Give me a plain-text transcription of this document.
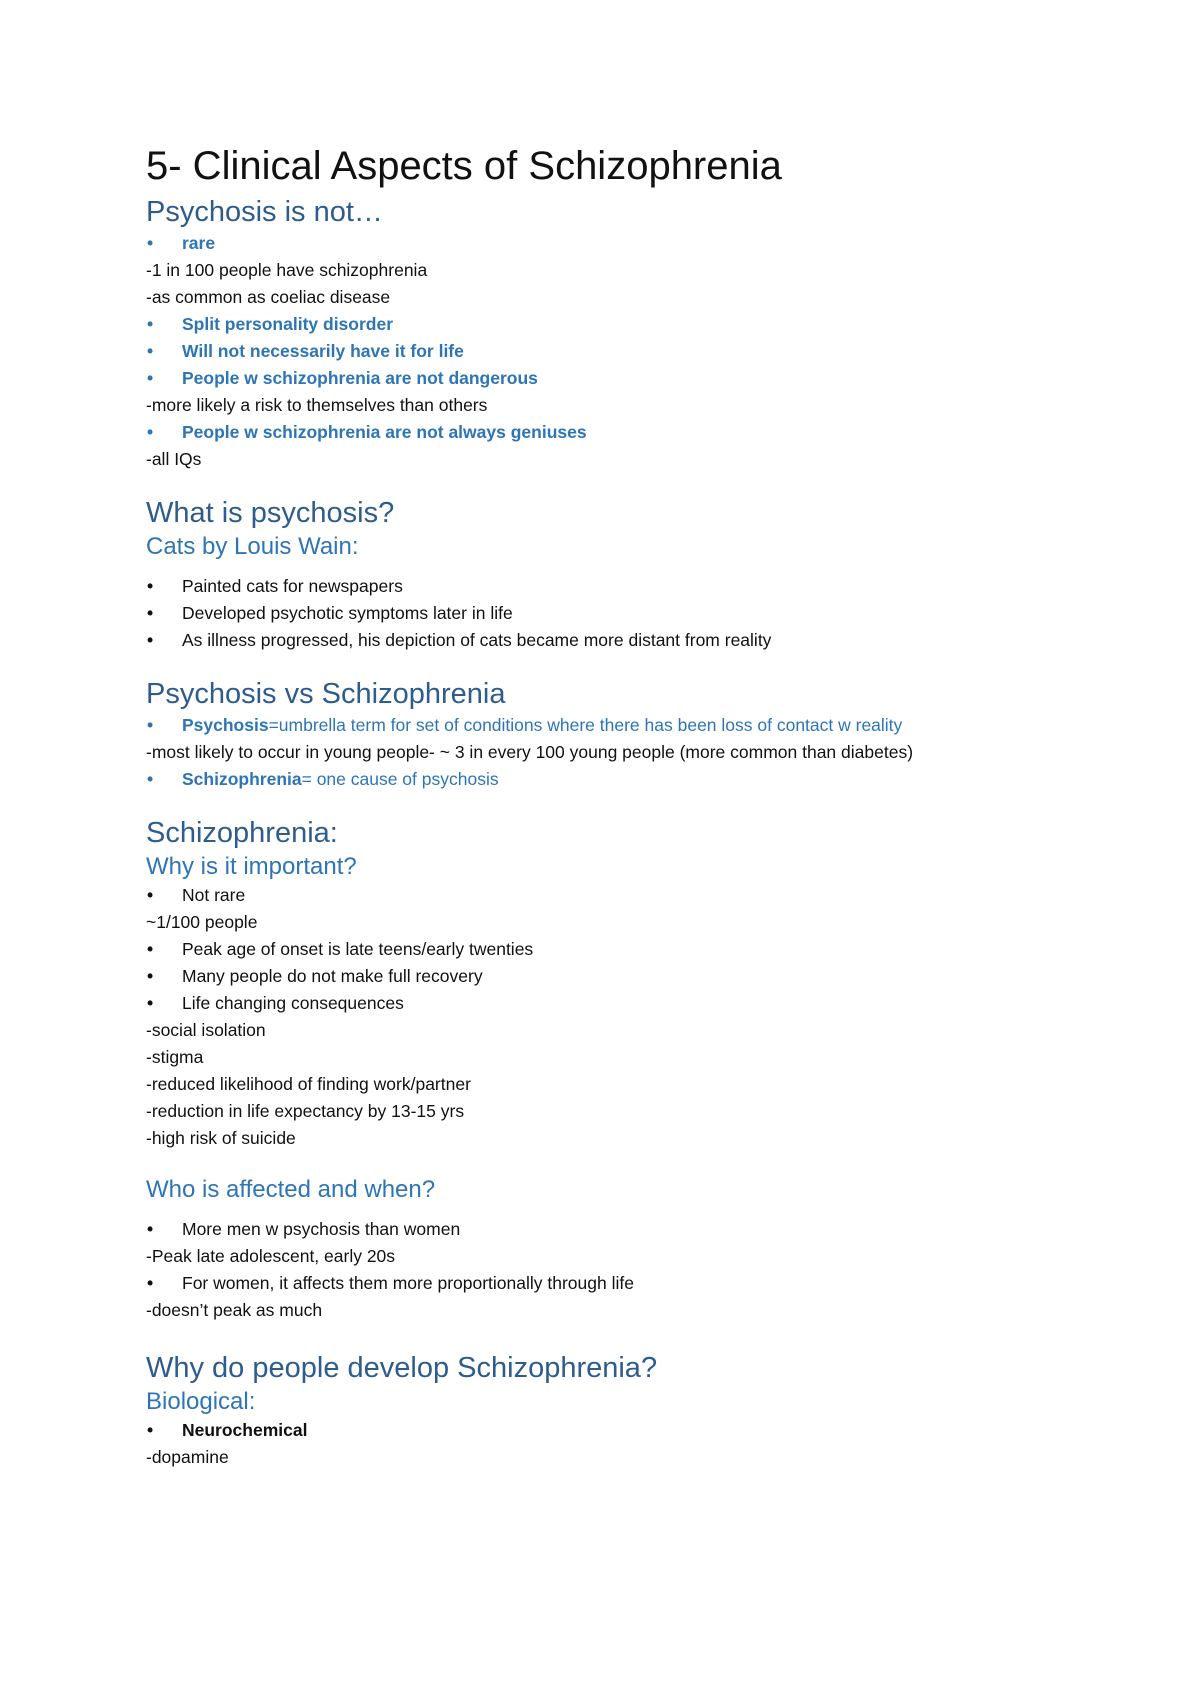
5- Clinical Aspects of Schizophrenia
Psychosis is not…
• rare
-1 in 100 people have schizophrenia
-as common as coeliac disease
• Split personality disorder
• Will not necessarily have it for life
• People w schizophrenia are not dangerous
-more likely a risk to themselves than others
• People w schizophrenia are not always geniuses
-all IQs
What is psychosis?
Cats by Louis Wain:
• Painted cats for newspapers
• Developed psychotic symptoms later in life
• As illness progressed, his depiction of cats became more distant from reality
Psychosis vs Schizophrenia
• Psychosis=umbrella term for set of conditions where there has been loss of contact w reality
-most likely to occur in young people- ~ 3 in every 100 young people (more common than diabetes)
• Schizophrenia= one cause of psychosis
Schizophrenia:
Why is it important?
• Not rare
~1/100 people
• Peak age of onset is late teens/early twenties
• Many people do not make full recovery
• Life changing consequences
-social isolation
-stigma
-reduced likelihood of finding work/partner
-reduction in life expectancy by 13-15 yrs
-high risk of suicide
Who is affected and when?
• More men w psychosis than women
-Peak late adolescent, early 20s
• For women, it affects them more proportionally through life
-doesn’t peak as much
Why do people develop Schizophrenia?
Biological:
• Neurochemical
-dopamine
